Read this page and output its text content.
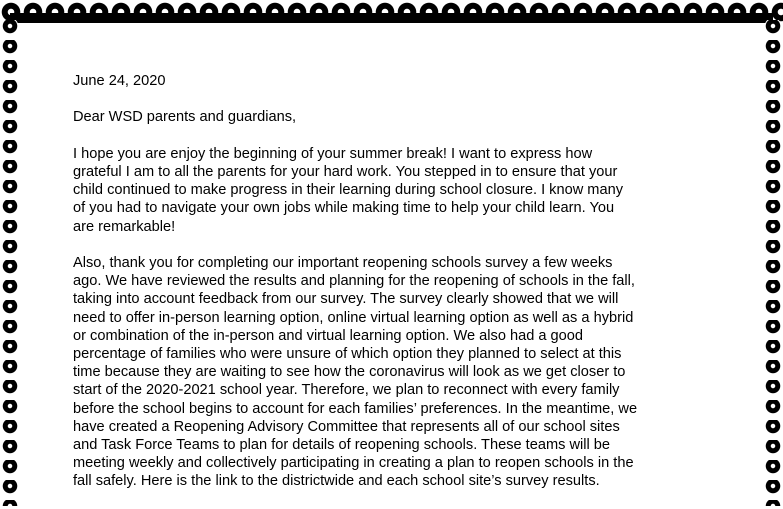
June 24, 2020

Dear WSD parents and guardians,

I hope you are enjoy the beginning of your summer break! I want to express how
grateful I am to all the parents for your hard work. You stepped in to ensure that your
child continued to make progress in their learning during school closure. I know many
of you had to navigate your own jobs while making time to help your child learn. You
are remarkable!

Also, thank you for completing our important reopening schools survey a few weeks
ago. We have reviewed the results and planning for the reopening of schools in the fall,
taking into account feedback from our survey. The survey clearly showed that we will
need to offer in-person learning option, online virtual learning option as well as a hybrid
or combination of the in-person and virtual learning option. We also had a good
percentage of families who were unsure of which option they planned to select at this
time because they are waiting to see how the coronavirus will look as we get closer to
start of the 2020-2021 school year. Therefore, we plan to reconnect with every family
before the school begins to account for each families’ preferences. In the meantime, we
have created a Reopening Advisory Committee that represents all of our school sites
and Task Force Teams to plan for details of reopening schools. These teams will be
meeting weekly and collectively participating in creating a plan to reopen schools in the
fall safely. Here is the link to the districtwide and each school site’s survey results.
